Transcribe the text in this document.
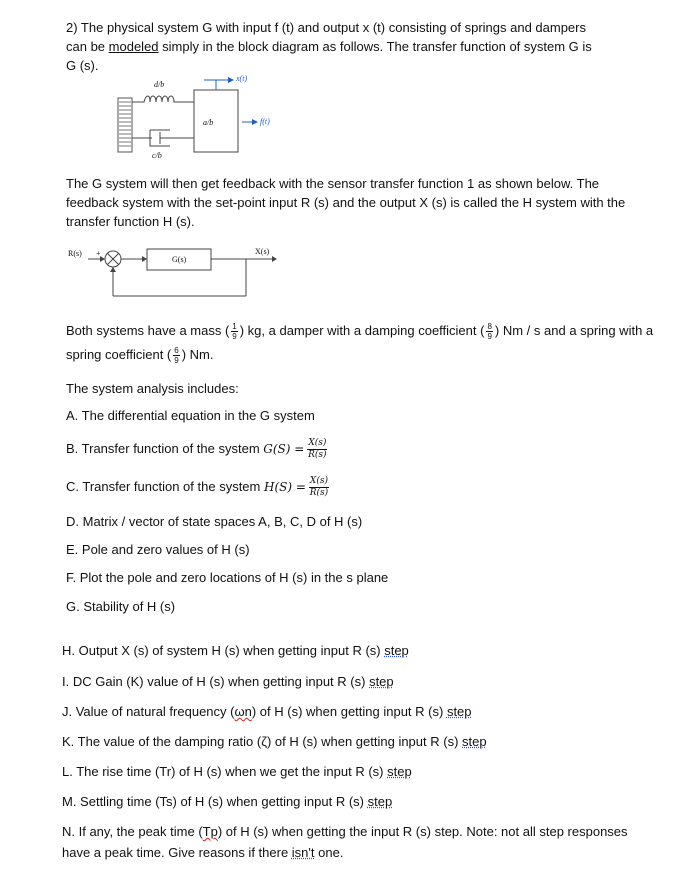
2) The physical system G with input f (t) and output x (t) consisting of springs and dampers
can be modeled simply in the block diagram as follows. The transfer function of system G is
G (s).
d/b
a/b
c/b
x(t)
f(t)
The G system will then get feedback with the sensor transfer function 1 as shown below. The
feedback system with the set-point input R (s) and the output X (s) is called the H system with the
transfer function H (s).
R(s) +
G(s)
X(s)
Both systems have a mass ( $\frac{1}{9}$ ) kg, a damper with a damping coefficient ( $\frac{8}{9}$ ) Nm / s and a spring with a
spring coefficient ( $\frac{6}{9}$ ) Nm.
The system analysis includes:
A. The differential equation in the G system
B. Transfer function of the system $G(S) = \frac{X(s)}{R(s)}$
C. Transfer function of the system $H(S) = \frac{X(s)}{R(s)}$
D. Matrix / vector of state spaces A, B, C, D of H (s)
E. Pole and zero values of H (s)
F. Plot the pole and zero locations of H (s) in the s plane
G. Stability of H (s)
H. Output X (s) of system H (s) when getting input R (s) step
I. DC Gain (K) value of H (s) when getting input R (s) step
J. Value of natural frequency (ωn) of H (s) when getting input R (s) step
K. The value of the damping ratio (ζ) of H (s) when getting input R (s) step
L. The rise time (Tr) of H (s) when we get the input R (s) step
M. Settling time (Ts) of H (s) when getting input R (s) step
N. If any, the peak time (Tp) of H (s) when getting the input R (s) step. Note: not all step responses
have a peak time. Give reasons if there isn't one.
